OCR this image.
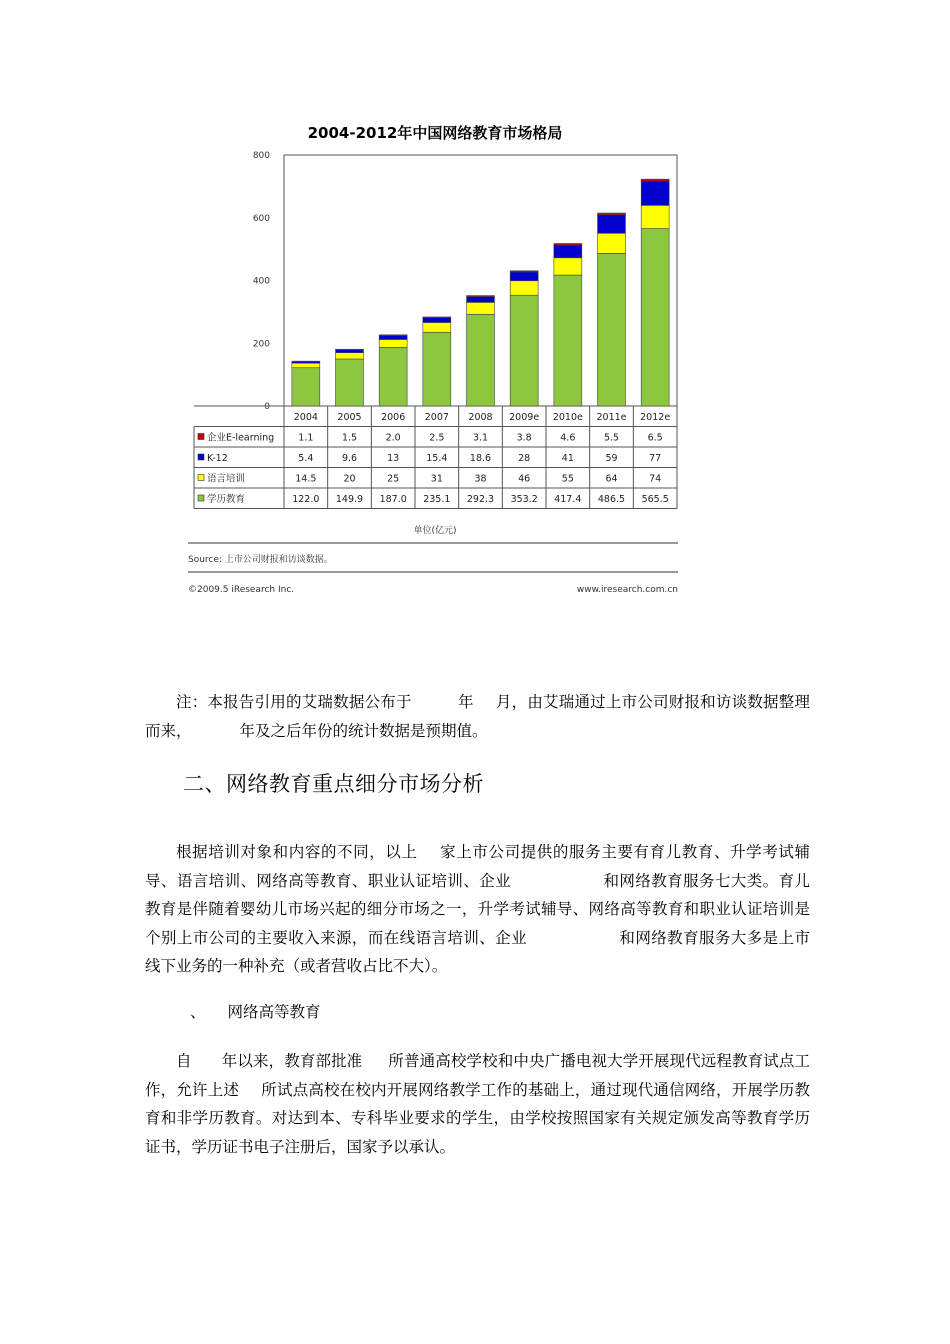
2004-2012年中国网络教育市场格局
0
200
400
600
800
2004 2005 2006 2007 2008 2009e 2010e 2011e 2012e
企业E-learning	1.1	1.5	2.0	2.5	3.1	3.8	4.6	5.5	6.5
K-12	5.4	9.6	13	15.4 18.6	28	41	59	77
语言培训	14.5	20	25	31	38	46	55	64	74
学历教育	122.0 149.9 187.0 235.1 292.3 353.2 417.4 486.5 565.5
单位(亿元)
Source: 上市公司财报和访谈数据。
©2009.5 iResearch Inc.	www.iresearch.com.cn

注：本报告引用的艾瑞数据公布于	年 月，由艾瑞通过上市公司财报和访谈数据整理而来，	年及之后年份的统计数据是预期值。

二、网络教育重点细分市场分析

根据培训对象和内容的不同，以上 家上市公司提供的服务主要有育儿教育、升学考试辅导、语言培训、网络高等教育、职业认证培训、企业	和网络教育服务七大类。育儿教育是伴随着婴幼儿市场兴起的细分市场之一，升学考试辅导、网络高等教育和职业认证培训是个别上市公司的主要收入来源，而在线语言培训、企业	和网络教育服务大多是上市线下业务的一种补充（或者营收占比不大）。

、 网络高等教育

自 年以来，教育部批准 所普通高校学校和中央广播电视大学开展现代远程教育试点工作，允许上述 所试点高校在校内开展网络教学工作的基础上，通过现代通信网络，开展学历教育和非学历教育。对达到本、专科毕业要求的学生，由学校按照国家有关规定颁发高等教育学历证书，学历证书电子注册后，国家予以承认。
